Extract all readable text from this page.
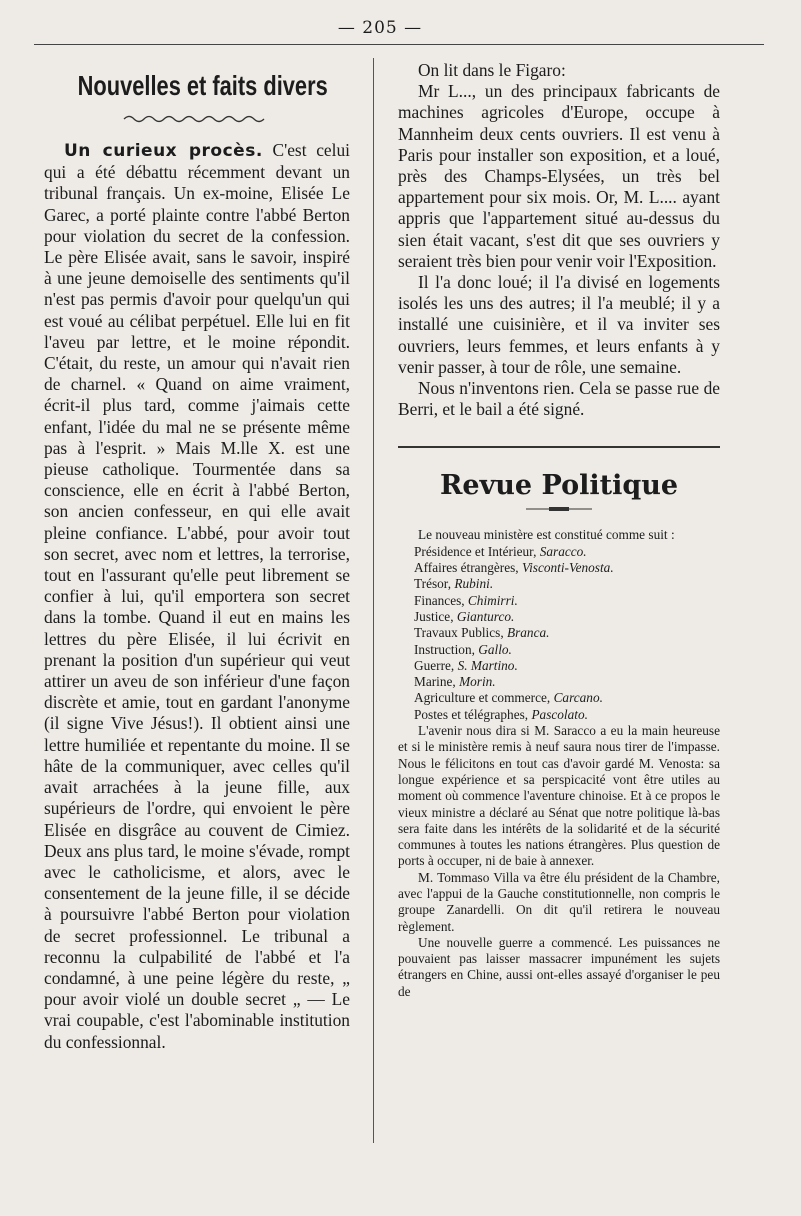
— 205 —
Nouvelles et faits divers

Un curieux procès. C'est celui qui a été débattu récemment devant un tribunal français. Un ex-moine, Elisée Le Garec, a porté plainte contre l'abbé Berton pour violation du secret de la confession. Le père Elisée avait, sans le savoir, inspiré à une jeune demoiselle des sentiments qu'il n'est pas permis d'avoir pour quelqu'un qui est voué au célibat perpétuel. Elle lui en fit l'aveu par lettre, et le moine répondit. C'était, du reste, un amour qui n'avait rien de charnel. « Quand on aime vraiment, écrit-il plus tard, comme j'aimais cette enfant, l'idée du mal ne se présente même pas à l'esprit. » Mais M.lle X. est une pieuse catholique. Tourmentée dans sa conscience, elle en écrit à l'abbé Berton, son ancien confesseur, en qui elle avait pleine confiance. L'abbé, pour avoir tout son secret, avec nom et lettres, la terrorise, tout en l'assurant qu'elle peut librement se confier à lui, qu'il emportera son secret dans la tombe. Quand il eut en mains les lettres du père Elisée, il lui écrivit en prenant la position d'un supérieur qui veut attirer un aveu de son inférieur d'une façon discrète et amie, tout en gardant l'anonyme (il signe Vive Jésus!). Il obtient ainsi une lettre humiliée et repentante du moine. Il se hâte de la communiquer, avec celles qu'il avait arrachées à la jeune fille, aux supérieurs de l'ordre, qui envoient le père Elisée en disgrâce au couvent de Cimiez. Deux ans plus tard, le moine s'évade, rompt avec le catholicisme, et alors, avec le consentement de la jeune fille, il se décide à poursuivre l'abbé Berton pour violation de secret professionnel. Le tribunal a reconnu la culpabilité de l'abbé et l'a condamné, à une peine légère du reste, „ pour avoir violé un double secret „ — Le vrai coupable, c'est l'abominable institution du confessionnal.

On lit dans le Figaro:

Mr L..., un des principaux fabricants de machines agricoles d'Europe, occupe à Mannheim deux cents ouvriers. Il est venu à Paris pour installer son exposition, et a loué, près des Champs-Elysées, un très bel appartement pour six mois. Or, M. L.... ayant appris que l'appartement situé au-dessus du sien était vacant, s'est dit que ses ouvriers y seraient très bien pour venir voir l'Exposition.

Il l'a donc loué; il l'a divisé en logements isolés les uns des autres; il l'a meublé; il y a installé une cuisinière, et il va inviter ses ouvriers, leurs femmes, et leurs enfants à y venir passer, à tour de rôle, une semaine.

Nous n'inventons rien. Cela se passe rue de Berri, et le bail a été signé.

Revue Politique

Le nouveau ministère est constitué comme suit :

Présidence et Intérieur, Saracco.
Affaires étrangères, Visconti-Venosta.
Trésor, Rubini.
Finances, Chimirri.
Justice, Gianturco.
Travaux Publics, Branca.
Instruction, Gallo.
Guerre, S. Martino.
Marine, Morin.
Agriculture et commerce, Carcano.
Postes et télégraphes, Pascolato.

L'avenir nous dira si M. Saracco a eu la main heureuse et si le ministère remis à neuf saura nous tirer de l'impasse. Nous le félicitons en tout cas d'avoir gardé M. Venosta: sa longue expérience et sa perspicacité vont être utiles au moment où commence l'aventure chinoise. Et à ce propos le vieux ministre a déclaré au Sénat que notre politique là-bas sera faite dans les intérêts de la solidarité et de la sécurité communes à toutes les nations étrangères. Plus question de ports à occuper, ni de baie à annexer.

M. Tommaso Villa va être élu président de la Chambre, avec l'appui de la Gauche constitutionnelle, non compris le groupe Zanardelli. On dit qu'il retirera le nouveau règlement.

Une nouvelle guerre a commencé. Les puissances ne pouvaient pas laisser massacrer impunément les sujets étrangers en Chine, aussi ont-elles assayé d'organiser le peu de
